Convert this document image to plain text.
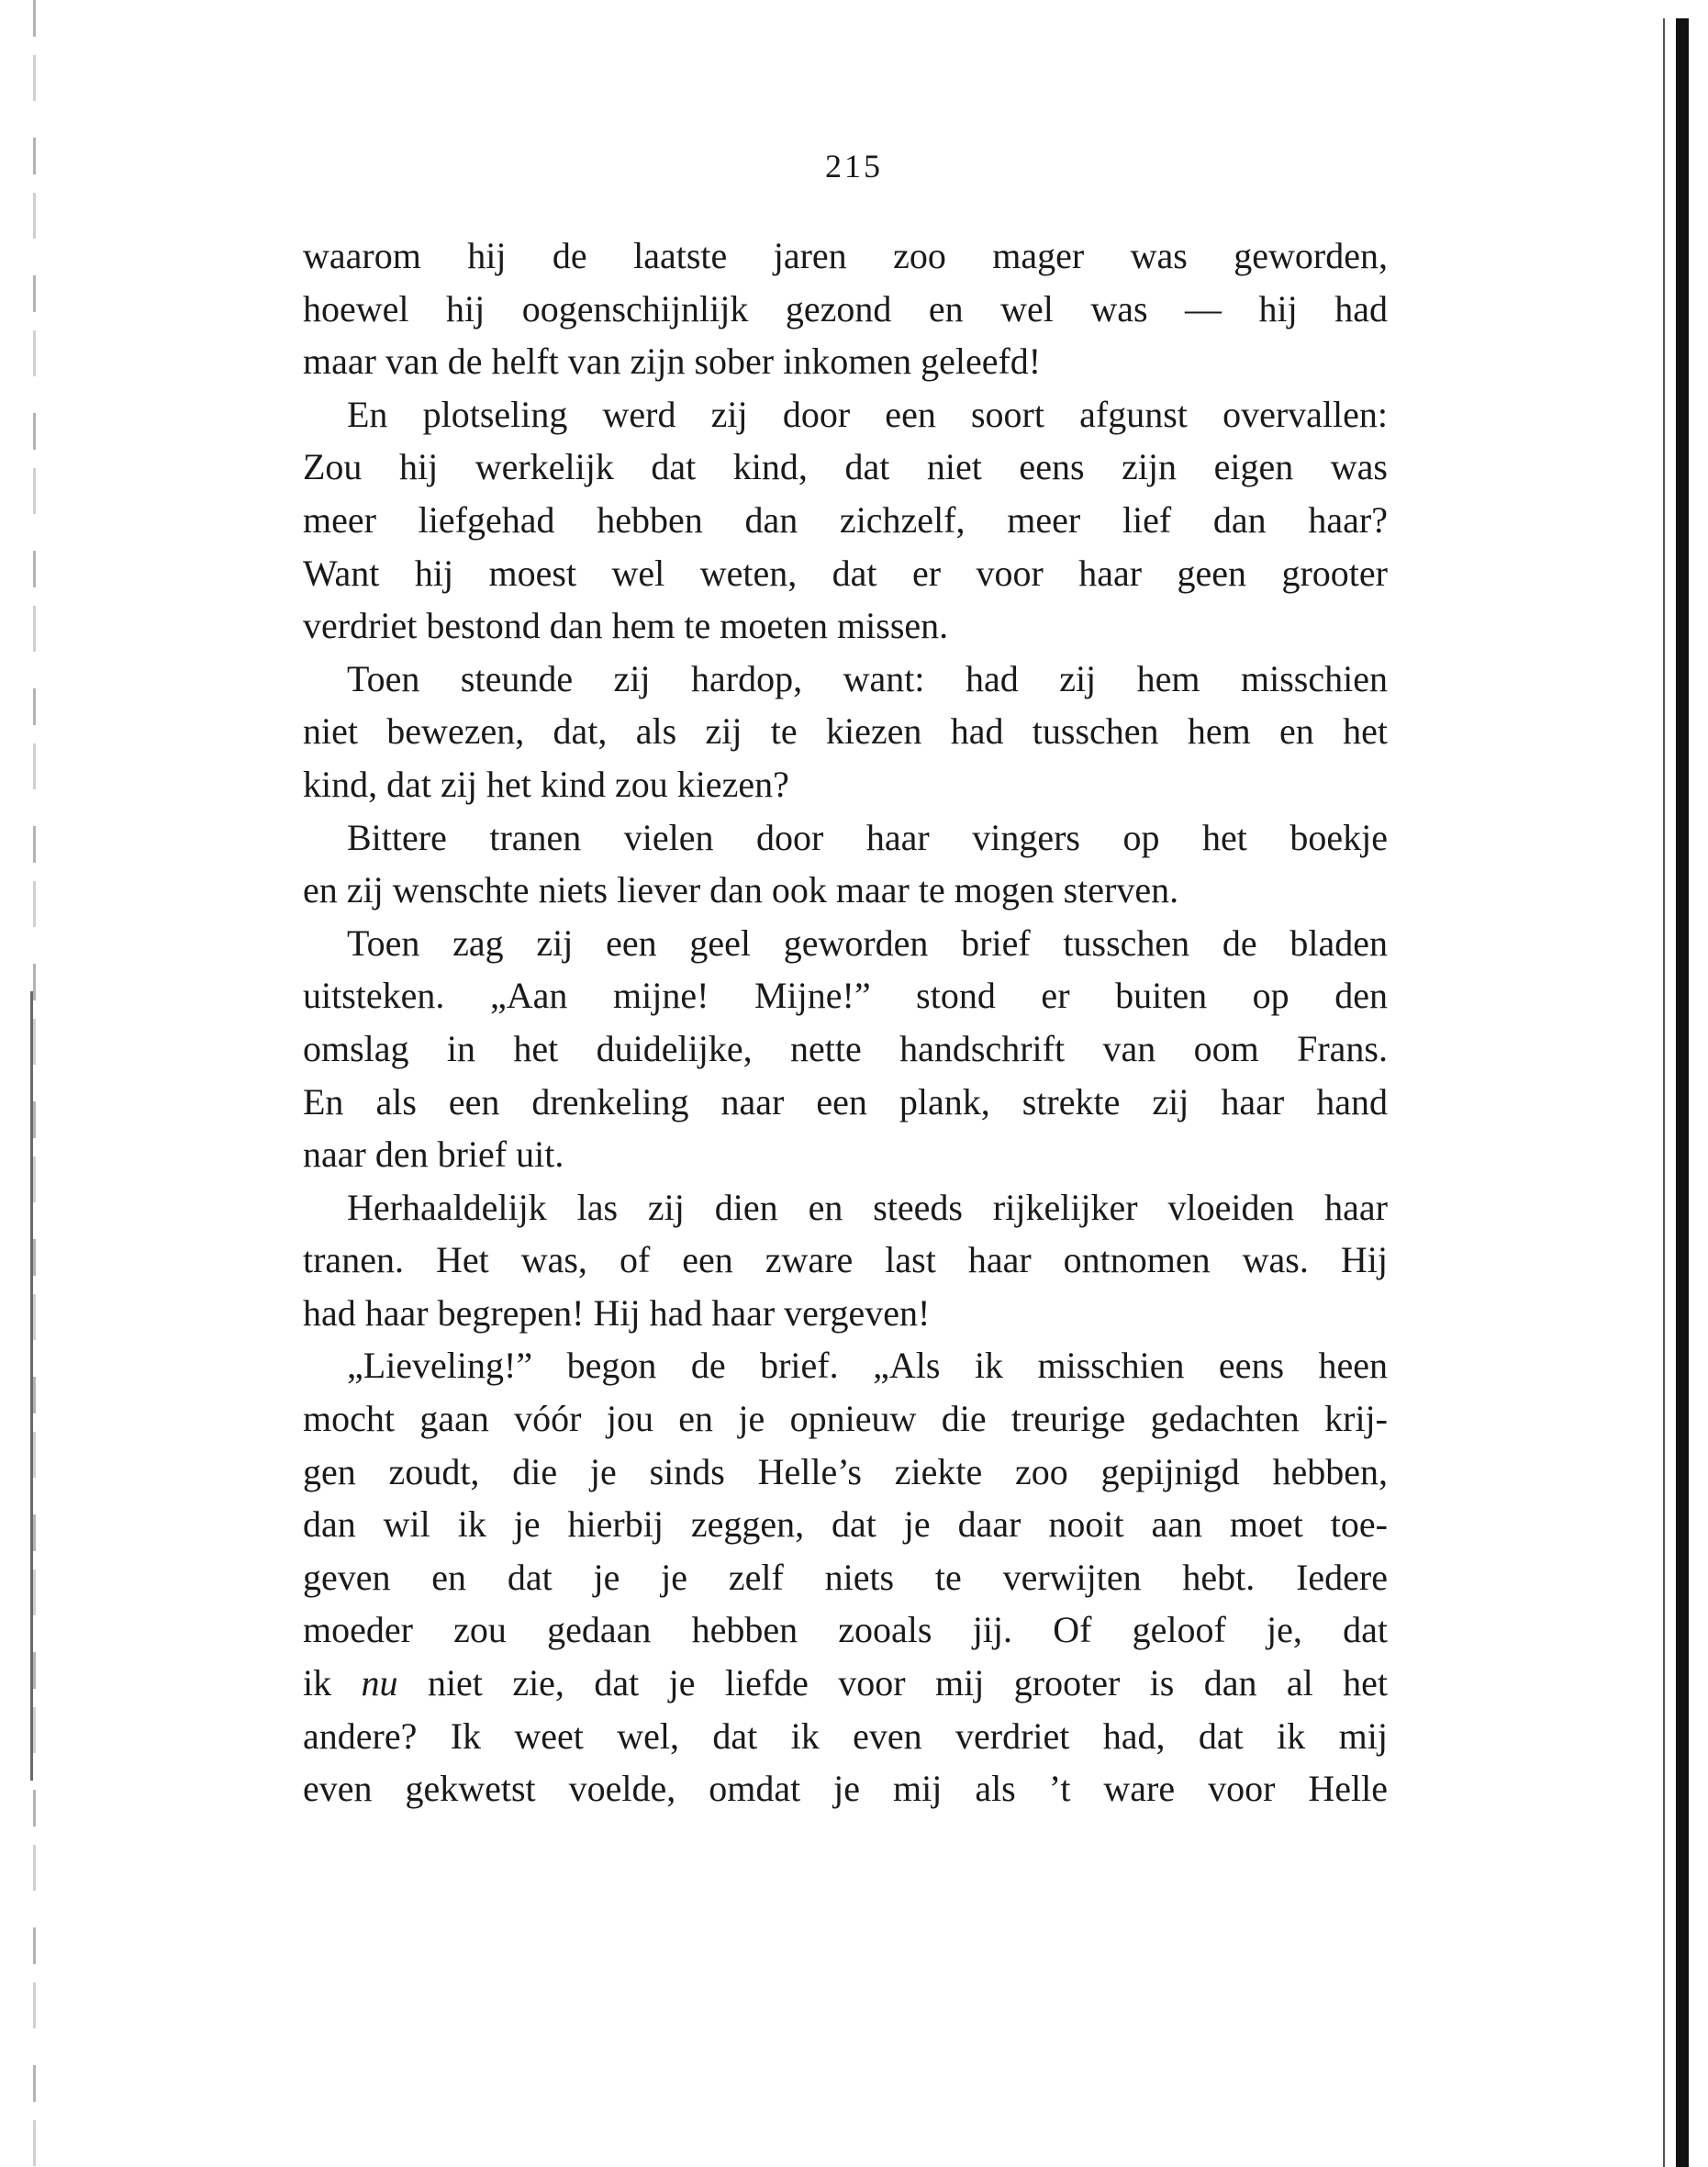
215
waarom hij de laatste jaren zoo mager was geworden,
hoewel hij oogenschijnlijk gezond en wel was — hij had
maar van de helft van zijn sober inkomen geleefd!
En plotseling werd zij door een soort afgunst overvallen:
Zou hij werkelijk dat kind, dat niet eens zijn eigen was
meer liefgehad hebben dan zichzelf, meer lief dan haar?
Want hij moest wel weten, dat er voor haar geen grooter
verdriet bestond dan hem te moeten missen.
Toen steunde zij hardop, want: had zij hem misschien
niet bewezen, dat, als zij te kiezen had tusschen hem en het
kind, dat zij het kind zou kiezen?
Bittere tranen vielen door haar vingers op het boekje
en zij wenschte niets liever dan ook maar te mogen sterven.
Toen zag zij een geel geworden brief tusschen de bladen
uitsteken. „Aan mijne! Mijne!” stond er buiten op den
omslag in het duidelijke, nette handschrift van oom Frans.
En als een drenkeling naar een plank, strekte zij haar hand
naar den brief uit.
Herhaaldelijk las zij dien en steeds rijkelijker vloeiden haar
tranen. Het was, of een zware last haar ontnomen was. Hij
had haar begrepen! Hij had haar vergeven!
„Lieveling!” begon de brief. „Als ik misschien eens heen
mocht gaan vóór jou en je opnieuw die treurige gedachten krij-
gen zoudt, die je sinds Helle’s ziekte zoo gepijnigd hebben,
dan wil ik je hierbij zeggen, dat je daar nooit aan moet toe-
geven en dat je je zelf niets te verwijten hebt. Iedere
moeder zou gedaan hebben zooals jij. Of geloof je, dat
ik nu niet zie, dat je liefde voor mij grooter is dan al het
andere? Ik weet wel, dat ik even verdriet had, dat ik mij
even gekwetst voelde, omdat je mij als ’t ware voor Helle
